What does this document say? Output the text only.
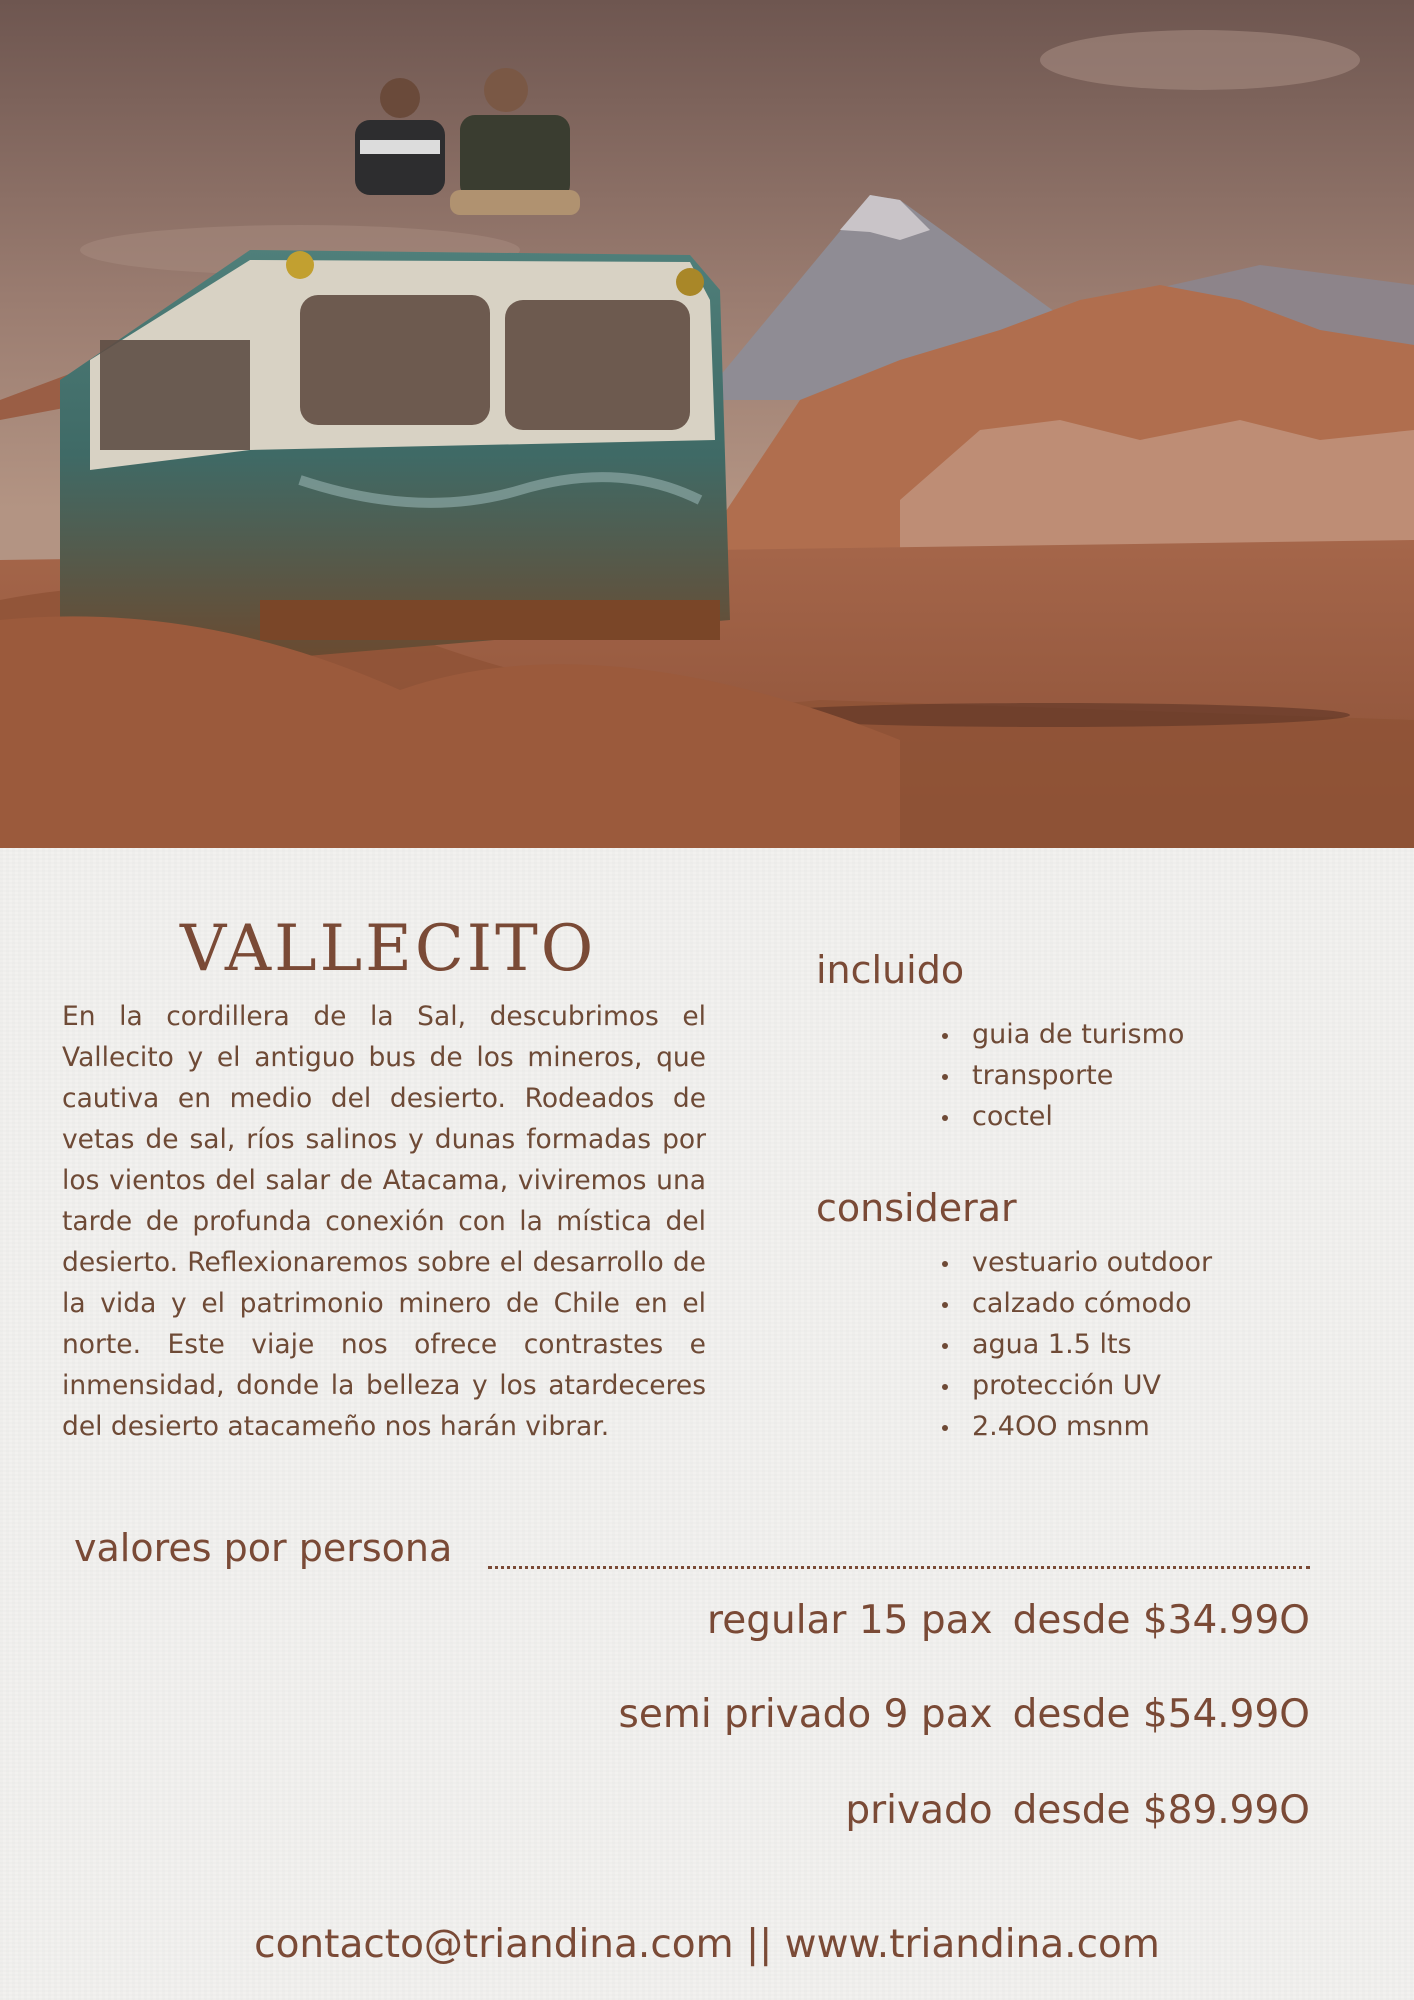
VALLECITO

En la cordillera de la Sal, descubrimos el Vallecito y el antiguo bus de los mineros, que cautiva en medio del desierto. Rodeados de vetas de sal, ríos salinos y dunas formadas por los vientos del salar de Atacama, viviremos una tarde de profunda conexión con la mística del desierto. Reflexionaremos sobre el desarrollo de la vida y el patrimonio minero de Chile en el norte. Este viaje nos ofrece contrastes e inmensidad, donde la belleza y los atardeceres del desierto atacameño nos harán vibrar.

incluido
guia de turismo
transporte
coctel
considerar
vestuario outdoor
calzado cómodo
agua 1.5 lts
protección UV
2.4OO msnm
valores por persona
regular 15 pax desde $34.99O
semi privado 9 pax desde $54.99O
privado desde $89.99O
contacto@triandina.com || www.triandina.com
